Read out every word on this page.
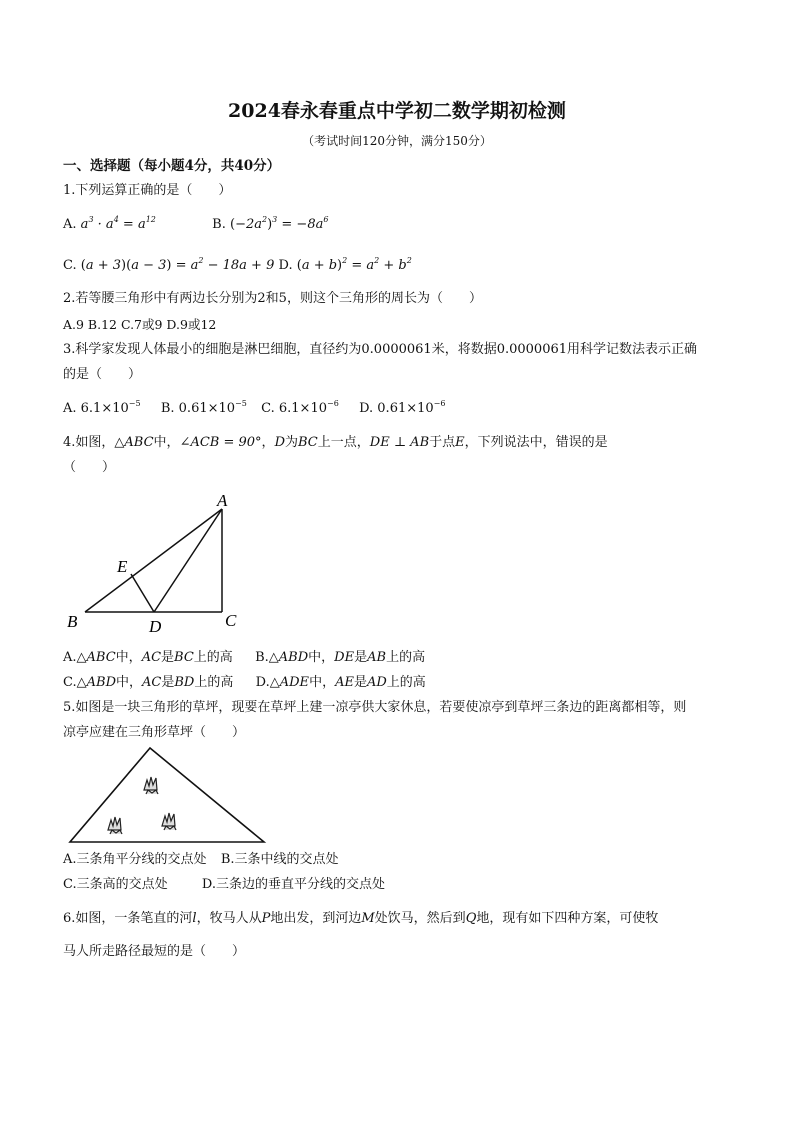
2024春永春重点中学初二数学期初检测
（考试时间120分钟，满分150分）
一、选择题（每小题4分，共40分）
1.下列运算正确的是（　　）
A. $a^3 \cdot a^4 = a^{12}$	B. $(-2a^2)^3 = -8a^6$
C. $(a + 3)(a - 3) = a^2 - 18a + 9$ D. $(a + b)^2 = a^2 + b^2$
2.若等腰三角形中有两边长分别为2和5，则这个三角形的周长为（　　）
A.9 B.12 C.7或9 D.9或12
3.科学家发现人体最小的细胞是淋巴细胞，直径约为0.0000061米，将数据0.0000061用科学记数法表示正确
的是（　　）
A. $6.1\times 10^{-5}$ B. $0.61\times 10^{-5}$ C. $6.1\times 10^{-6}$ D. $0.61\times 10^{-6}$
4.如图，△ABC中，∠ACB = 90°，D为BC上一点，DE ⊥ AB于点E，下列说法中，错误的是
（　　）
A
B	C
D
E
A.△ABC中，AC是BC上的高 B.△ABD中，DE是AB上的高
C.△ABD中，AC是BD上的高 D.△ADE中，AE是AD上的高
5.如图是一块三角形的草坪，现要在草坪上建一凉亭供大家休息，若要使凉亭到草坪三条边的距离都相等，则
凉亭应建在三角形草坪（　　）
A.三条角平分线的交点处 B.三条中线的交点处
C.三条高的交点处	D.三条边的垂直平分线的交点处
6.如图，一条笔直的河l，牧马人从P地出发，到河边M处饮马，然后到Q地，现有如下四种方案，可使牧
马人所走路径最短的是（　　）
